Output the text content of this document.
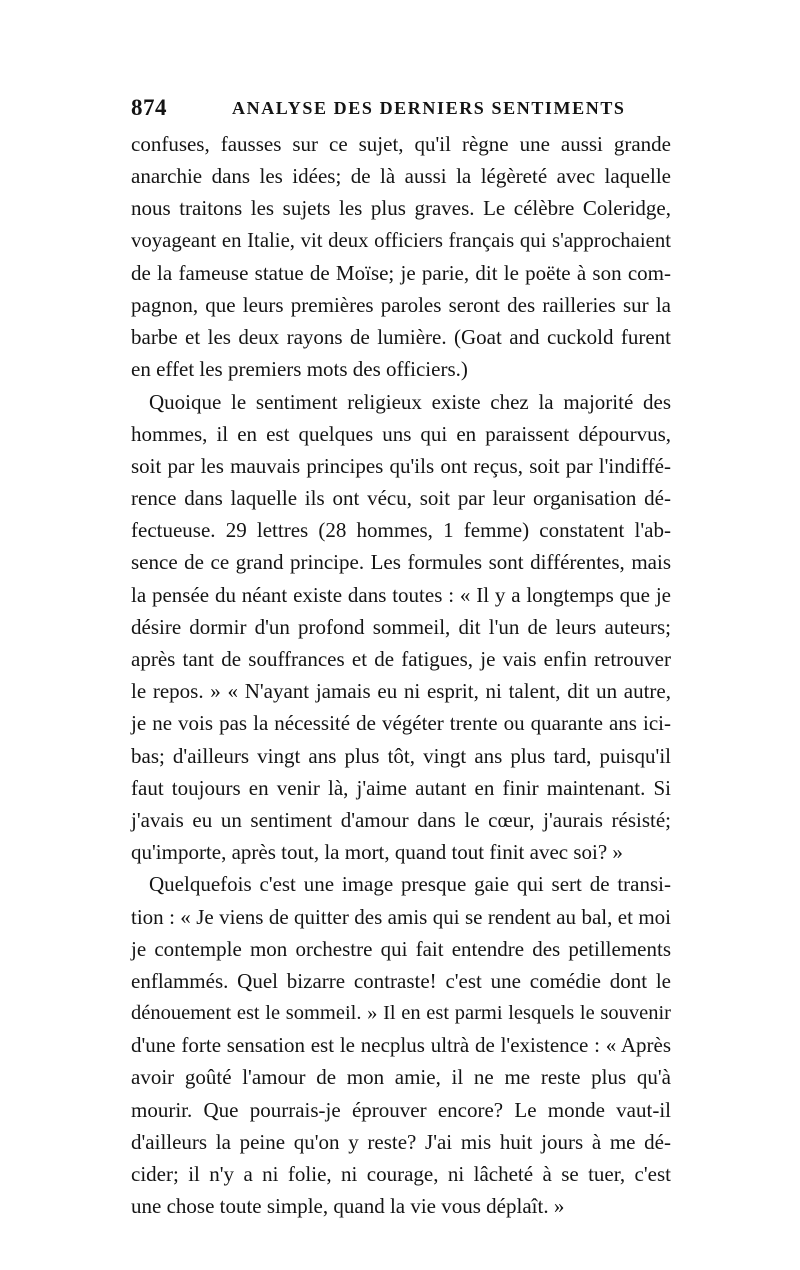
874	ANALYSE DES DERNIERS SENTIMENTS
confuses, fausses sur ce sujet, qu'il règne une aussi grande
anarchie dans les idées; de là aussi la légèreté avec laquelle
nous traitons les sujets les plus graves. Le célèbre Coleridge,
voyageant en Italie, vit deux officiers français qui s'approchaient
de la fameuse statue de Moïse; je parie, dit le poëte à son com-
pagnon, que leurs premières paroles seront des railleries sur la
barbe et les deux rayons de lumière. (Goat and cuckold furent
en effet les premiers mots des officiers.)
Quoique le sentiment religieux existe chez la majorité des
hommes, il en est quelques uns qui en paraissent dépourvus,
soit par les mauvais principes qu'ils ont reçus, soit par l'indiffé-
rence dans laquelle ils ont vécu, soit par leur organisation dé-
fectueuse. 29 lettres (28 hommes, 1 femme) constatent l'ab-
sence de ce grand principe. Les formules sont différentes, mais
la pensée du néant existe dans toutes : « Il y a longtemps que je
désire dormir d'un profond sommeil, dit l'un de leurs auteurs;
après tant de souffrances et de fatigues, je vais enfin retrouver
le repos. » « N'ayant jamais eu ni esprit, ni talent, dit un autre,
je ne vois pas la nécessité de végéter trente ou quarante ans ici-
bas; d'ailleurs vingt ans plus tôt, vingt ans plus tard, puisqu'il
faut toujours en venir là, j'aime autant en finir maintenant. Si
j'avais eu un sentiment d'amour dans le cœur, j'aurais résisté;
qu'importe, après tout, la mort, quand tout finit avec soi? »
Quelquefois c'est une image presque gaie qui sert de transi-
tion : « Je viens de quitter des amis qui se rendent au bal, et moi
je contemple mon orchestre qui fait entendre des petillements
enflammés. Quel bizarre contraste! c'est une comédie dont le
dénouement est le sommeil. » Il en est parmi lesquels le souvenir
d'une forte sensation est le necplus ultrà de l'existence : « Après
avoir goûté l'amour de mon amie, il ne me reste plus qu'à
mourir. Que pourrais-je éprouver encore? Le monde vaut-il
d'ailleurs la peine qu'on y reste? J'ai mis huit jours à me dé-
cider; il n'y a ni folie, ni courage, ni lâcheté à se tuer, c'est
une chose toute simple, quand la vie vous déplaît. »
